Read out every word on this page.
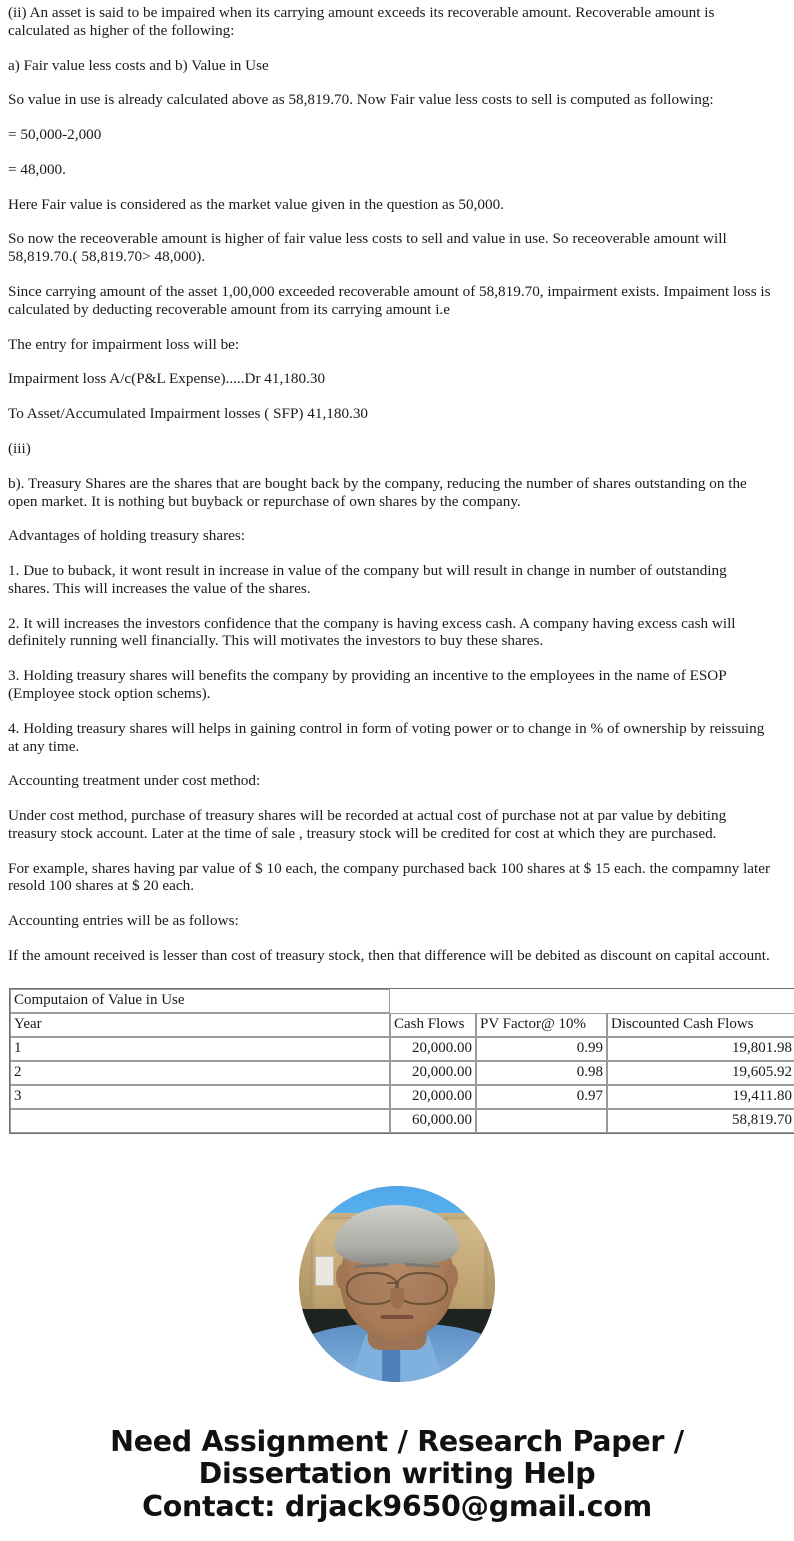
(ii) An asset is said to be impaired when its carrying amount exceeds its recoverable amount. Recoverable amount is calculated as higher of the following:

a) Fair value less costs and b) Value in Use

So value in use is already calculated above as 58,819.70. Now Fair value less costs to sell is computed as following:

= 50,000-2,000

= 48,000.

Here Fair value is considered as the market value given in the question as 50,000.

So now the receoverable amount is higher of fair value less costs to sell and value in use. So receoverable amount will 58,819.70.( 58,819.70> 48,000).

Since carrying amount of the asset 1,00,000 exceeded recoverable amount of 58,819.70, impairment exists. Impaiment loss is calculated by deducting recoverable amount from its carrying amount i.e

The entry for impairment loss will be:

Impairment loss A/c(P&L Expense).....Dr 41,180.30

To Asset/Accumulated Impairment losses ( SFP) 41,180.30

(iii)

b). Treasury Shares are the shares that are bought back by the company, reducing the number of shares outstanding on the open market. It is nothing but buyback or repurchase of own shares by the company.

Advantages of holding treasury shares:

1. Due to buback, it wont result in increase in value of the company but will result in change in number of outstanding shares. This will increases the value of the shares.

2. It will increases the investors confidence that the company is having excess cash. A company having excess cash will definitely running well financially. This will motivates the investors to buy these shares.

3. Holding treasury shares will benefits the company by providing an incentive to the employees in the name of ESOP (Employee stock option schems).

4. Holding treasury shares will helps in gaining control in form of voting power or to change in % of ownership by reissuing at any time.

Accounting treatment under cost method:

Under cost method, purchase of treasury shares will be recorded at actual cost of purchase not at par value by debiting treasury stock account. Later at the time of sale , treasury stock will be credited for cost at which they are purchased.

For example, shares having par value of $ 10 each, the company purchased back 100 shares at $ 15 each. the compamny later resold 100 shares at $ 20 each.

Accounting entries will be as follows:

If the amount received is lesser than cost of treasury stock, then that difference will be debited as discount on capital account.

Computaion of Value in Use			
Year	Cash Flows	PV Factor@ 10%	Discounted Cash Flows
1	20,000.00	0.99	19,801.98
2	20,000.00	0.98	19,605.92
3	20,000.00	0.97	19,411.80
	60,000.00		58,819.70
Need Assignment / Research Paper / Dissertation writing Help
Contact: drjack9650@gmail.com
